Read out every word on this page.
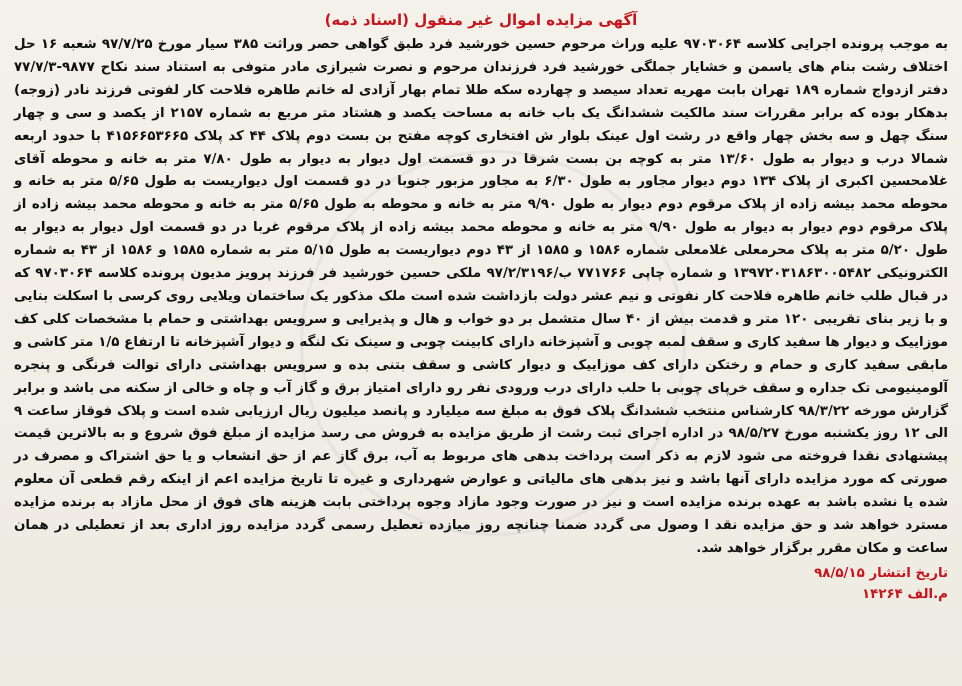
آگهی مزایده اموال غیر منقول (اسناد ذمه)

به موجب پرونده اجرایی کلاسه ۹۷۰۳۰۶۴ علیه وراث مرحوم حسین خورشید فرد طبق گواهی حصر وراثت ۳۸۵ سیار مورخ ۹۷/۷/۲۵ شعبه ۱۶ حل اختلاف رشت بنام های یاسمن و خشایار جملگی خورشید فرد فرزندان مرحوم و نصرت شیرازی مادر متوفی به استناد سند نکاح ۹۸۷۷-۷۷/۷/۳ دفتر ازدواج شماره ۱۸۹ تهران بابت مهریه تعداد سیصد و چهارده سکه طلا تمام بهار آزادی له خانم طاهره فلاحت کار لفوتی فرزند نادر (زوجه) بدهکار بوده که برابر مقررات سند مالکیت ششدانگ یک باب خانه به مساحت یکصد و هشتاد متر مربع به شماره ۲۱۵۷ از یکصد و سی و چهار سنگ چهل و سه بخش چهار واقع در رشت اول عینک بلوار ش افتخاری کوچه مفتح بن بست دوم پلاک ۴۴ کد پلاک ۴۱۵۶۶۵۳۶۶۵ با حدود اربعه شمالا درب و دیوار به طول ۱۳/۶۰ متر به کوچه بن بست شرقا در دو قسمت اول دیوار به دیوار به طول ۷/۸۰ متر به خانه و محوطه آقای غلامحسین اکبری از پلاک ۱۳۴ دوم دیوار مجاور به طول ۶/۳۰ به مجاور مزبور جنوبا در دو قسمت اول دیواریست به طول ۵/۶۵ متر به خانه و محوطه محمد بیشه زاده از پلاک مرقوم دوم دیوار به طول ۹/۹۰ متر به خانه و محوطه به طول ۵/۶۵ متر به خانه و محوطه محمد بیشه زاده از پلاک مرقوم دوم دیوار به دیوار به طول ۹/۹۰ متر به خانه و محوطه محمد بیشه زاده از پلاک مرقوم غربا در دو قسمت اول دیوار به دیوار به طول ۵/۲۰ متر به پلاک محرمعلی غلامعلی شماره ۱۵۸۶ و ۱۵۸۵ از ۴۳ دوم دیواریست به طول ۵/۱۵ متر به شماره ۱۵۸۵ و ۱۵۸۶ از ۴۳ به شماره الکترونیکی ۱۳۹۷۲۰۳۱۸۶۳۰۰۵۴۸۲ و شماره چاپی ۷۷۱۷۶۶ ب/۹۷/۲/۳۱۹۶ ملکی حسین خورشید فر فرزند پرویز مدیون پرونده کلاسه ۹۷۰۳۰۶۴ که در قبال طلب خانم طاهره فلاحت کار نفوتی و نیم عشر دولت بازداشت شده است ملک مذکور یک ساختمان ویلایی روی کرسی با اسکلت بنایی و با زیر بنای تقریبی ۱۲۰ متر و قدمت بیش از ۴۰ سال متشمل بر دو خواب و هال و پذیرایی و سرویس بهداشتی و حمام با مشخصات کلی کف موزاییک و دیوار ها سفید کاری و سقف لمبه چوبی و آشپزخانه دارای کابینت چوبی و سینک تک لنگه و دیوار آشپزخانه تا ارتفاع ۱/۵ متر کاشی و مابقی سفید کاری و حمام و رختکن دارای کف موزاییک و دیوار کاشی و سقف بتنی بده و سرویس بهداشتی دارای توالت فرنگی و پنجره آلومینیومی تک جداره و سقف خرپای چوبی با حلب دارای درب ورودی نفر رو دارای امتیاز برق و گاز آب و چاه و خالی از سکنه می باشد و برابر گزارش مورخه ۹۸/۳/۲۲ کارشناس منتخب ششدانگ پلاک فوق به مبلغ سه میلیارد و پانصد میلیون ریال ارزیابی شده است و پلاک فوقاز ساعت ۹ الی ۱۲ روز یکشنبه مورخ ۹۸/۵/۲۷ در اداره اجرای ثبت رشت از طریق مزایده به فروش می رسد مزایده از مبلغ فوق شروع و به بالاترین قیمت پیشنهادی نقدا فروخته می شود لازم به ذکر است پرداخت بدهی های مربوط به آب، برق گاز عم از حق انشعاب و یا حق اشتراک و مصرف در صورتی که مورد مزایده دارای آنها باشد و نیز بدهی های مالیاتی و عوارض شهرداری و غیره تا تاریخ مزایده اعم از اینکه رقم قطعی آن معلوم شده یا نشده باشد به عهده برنده مزایده است و نیز در صورت وجود مازاد وجوه پرداختی بابت هزینه های فوق از محل مازاد به برنده مزایده مسترد خواهد شد و حق مزایده نقد ا وصول می گردد ضمنا چنانچه روز میازده تعطیل رسمی گردد مزایده روز اداری بعد از تعطیلی در همان ساعت و مکان مقرر برگزار خواهد شد.

تاریخ انتشار ۹۸/۵/۱۵
م.الف ۱۴۲۶۴
